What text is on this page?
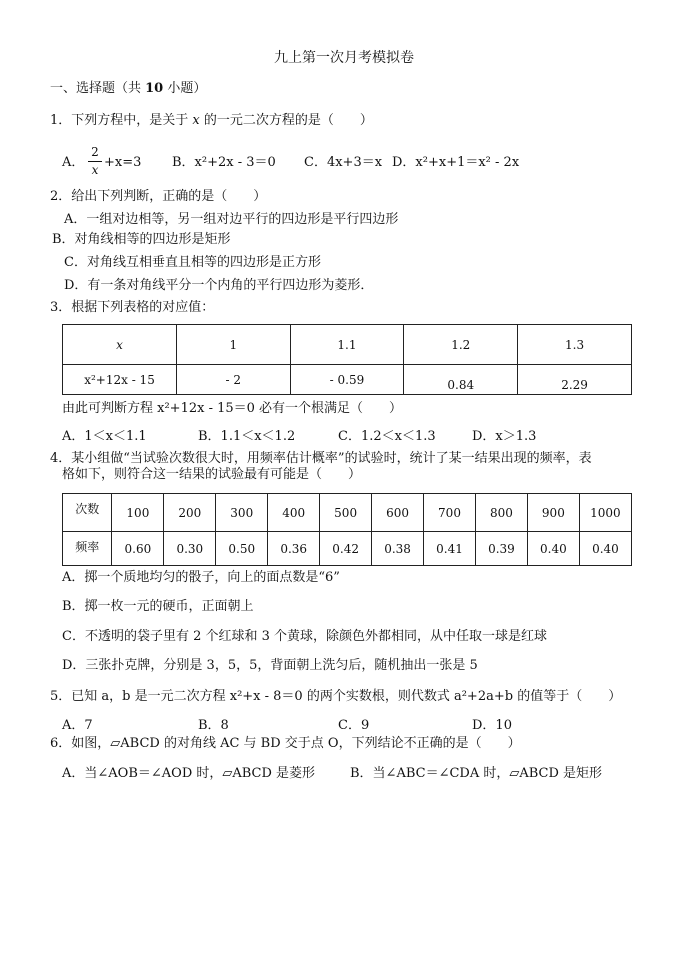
九上第一次月考模拟卷
一、选择题（共 10 小题）
1．下列方程中，是关于 x 的一元二次方程的是（　　）
A．
2
x +x=3 B．x²+2x - 3＝0 C．4x+3＝x D．x²+x+1＝x² - 2x
2．给出下列判断，正确的是（　　）
A．一组对边相等，另一组对边平行的四边形是平行四边形
B．对角线相等的四边形是矩形
C．对角线互相垂直且相等的四边形是正方形
D．有一条对角线平分一个内角的平行四边形为菱形．
3．根据下列表格的对应值：
x	1	1.1	1.2	1.3
x²+12x - 15	- 2	- 0.59	0.84	2.29
由此可判断方程 x²+12x - 15＝0 必有一个根满足（　　）
A．1＜x＜1.1	B．1.1＜x＜1.2	C．1.2＜x＜1.3	D．x＞1.3
4．某小组做“当试验次数很大时，用频率估计概率”的试验时，统计了某一结果出现的频率，表
格如下，则符合这一结果的试验最有可能是（　　）
次数	100	200	300	400	500	600	700	800	900	1000
频率	0.60	0.30	0.50	0.36	0.42	0.38	0.41	0.39	0.40	0.40
A．掷一个质地均匀的骰子，向上的面点数是“6”
B．掷一枚一元的硬币，正面朝上
C．不透明的袋子里有 2 个红球和 3 个黄球，除颜色外都相同，从中任取一球是红球
D．三张扑克牌，分别是 3，5，5，背面朝上洗匀后，随机抽出一张是 5
5．已知 a，b 是一元二次方程 x²+x - 8＝0 的两个实数根，则代数式 a²+2a+b 的值等于（　　）
A．7	B．8	C．9	D．10
6．如图，▱ABCD 的对角线 AC 与 BD 交于点 O，下列结论不正确的是（　　）
A．当∠AOB＝∠AOD 时，▱ABCD 是菱形	B．当∠ABC＝∠CDA 时，▱ABCD 是矩形
